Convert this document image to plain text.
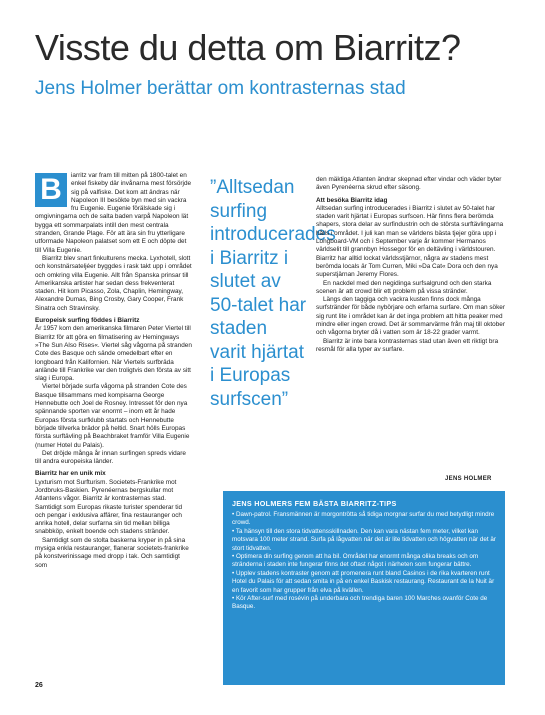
Visste du detta om Biarritz?
Jens Holmer berättar om kontrasternas stad
B	iarritz var fram till mitten på 1800-talet en enkel fiskeby där invånarna mest försörjde sig på valfiske. Det kom att ändras när Napoleon III besökte byn med sin vackra fru Eugenie. Eugenie förälskade sig i omgivningarna och de salta baden varpå Napoleon lät bygga ett sommarpalats intill den mest centrala stranden, Grande Plage. För att ära sin fru ytterligare utformade Napoleon palatset som ett E och döpte det till Villa Eugenie.

Biarritz blev snart finkulturens mecka. Lyxhotell, slott och konstnärsateljéer byggdes i rask takt upp i området och omkring villa Eugenie. Allt från Spanska prinsar till Amerikanska artister har sedan dess frekventerat staden. Hit kom Picasso, Zola, Chaplin, Hemingway, Alexandre Dumas, Bing Crosby, Gary Cooper, Frank Sinatra och Stravinsky.

Europeisk surfing föddes i Biarritz

År 1957 kom den amerikanska filmaren Peter Viertel till Biarritz för att göra en filmatisering av Hemingways »The Sun Also Rises«. Viertel såg vågorna på stranden Cote des Basque och sände omedelbart efter en longboard från Kalifornien. När Viertels surfbräda anlände till Frankrike var den troligtvis den första av sitt slag i Europa.

Viertel började surfa vågorna på stranden Cote des Basque tillsammans med kompisarna George Hennebutte och Joel de Rosney. Intresset för den nya spännande sporten var enormt – inom ett år hade Europas första surfklubb startats och Hennebutte började tillverka brädor på heltid. Snart hölls Europas första surftävling på Beachbraket framför Villa Eugenie (numer Hotel du Palais).

Det dröjde många år innan surfingen spreds vidare till andra europeiska länder.

Biarritz har en unik mix

Lyxturism mot Surfturism. Societets-Frankrike mot Jordbruks-Baskien. Pyrenéernas bergskullar mot Atlantens vågor. Biarritz är kontrasternas stad. Samtidigt som Europas rikaste turister spenderar tid och pengar i exklusiva affärer, fina restauranger och anrika hotell, delar surfarna sin tid mellan billiga snabbköp, enkelt boende och stadens stränder.

Samtidigt som de stolta baskerna kryper in på sina mysiga enkla restauranger, flanerar societets-frankrike på konstverinissage med dropp i tak. Och samtidigt som

”Alltsedan surfing introducerades i Biarritz i slutet av 50-talet har staden varit hjärtat i Europas surfscen”

den mäktiga Atlanten ändrar skepnad efter vindar och väder byter även Pyrenéerna skrud efter säsong.

Att besöka Biarritz idag

Alltsedan surfing introducerades i Biarritz i slutet av 50-talet har staden varit hjärtat i Europas surfscen. Här finns flera berömda shapers, stora delar av surfindustrin och de största surftävlingarna hålls i området. I juli kan man se världens bästa tjejer göra upp i Longboard-VM och i September varje år kommer Hermanos världselit till grannbyn Hossegor för en deltävling i världstouren. Biarritz har alltid lockat världsstjärnor, några av stadens mest berömda locals är Tom Curren, Miki »Da Cat« Dora och den nya superstjärnan Jeremy Flores.

En nackdel med den negidinga surfsalgrund och den starka scenen är att crowd blir ett problem på vissa stränder.

Längs den taggiga och vackra kusten finns dock många surfstränder för både nybörjare och erfarna surfare. Om man söker sig runt lite i området kan är det inga problem att hitta peaker med mindre eller ingen crowd. Det är sommarvärme från maj till oktober och vågorna bryter då i vatten som är 18-22 grader varmt.

Biarritz är inte bara kontrasternas stad utan även ett riktigt bra resmål för alla typer av surfare.

JENS HOLMER
JENS HOLMERS FEM BÄSTA BIARRITZ-TIPS

• Dawn-patrol. Fransmännen är morgontrötta så tidiga morgnar surfar du med betydligt mindre crowd.

• Ta hänsyn till den stora tidvattensskillnaden. Den kan vara nästan fem meter, vilket kan motsvara 100 meter strand. Surfa på lågvatten när det är lite tidvatten och högvatten när det är stort tidvatten.

• Optimera din surfing genom att ha bil. Området har enormt många olika breaks och om stränderna i staden inte fungerar finns det oftast något i närheten som fungerar bättre.

• Upplev stadens kontraster genom att promenera runt bland Casinos i de rika kvarteren runt Hotel du Palais för att sedan smita in på en enkel Baskisk restaurang. Restaurant de la Nuit är en favorit som har grupper från elva på kvällen.

• Kör After-surf med rosévin på underbara och trendiga baren 100 Marches ovanför Cote de Basque.

26
